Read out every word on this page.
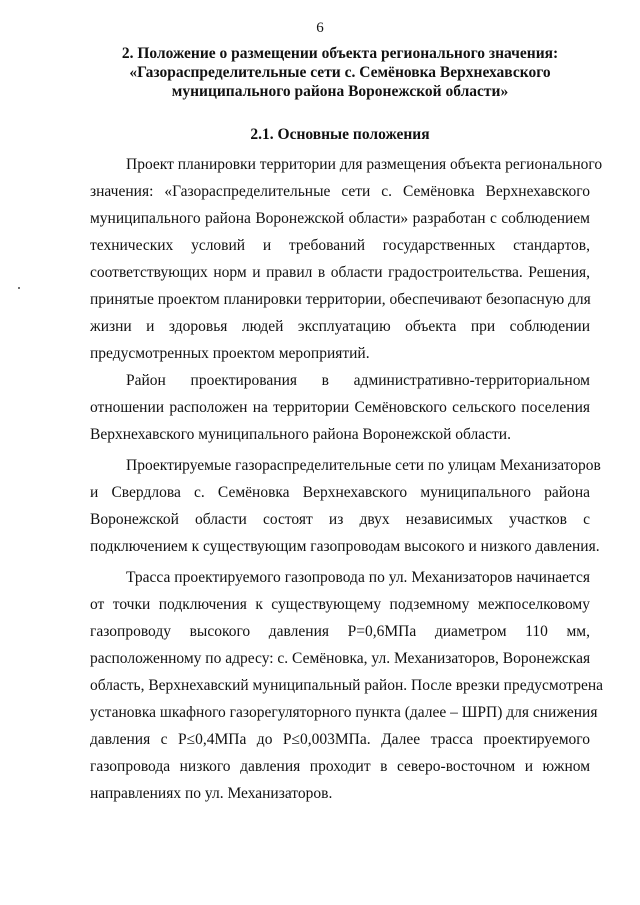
6
2. Положение о размещении объекта регионального значения:
«Газораспределительные сети с. Семёновка Верхнехавского
муниципального района Воронежской области»
2.1. Основные положения
Проект планировки территории для размещения объекта регионального
значения: «Газораспределительные сети с. Семёновка Верхнехавского
муниципального района Воронежской области» разработан с соблюдением
технических условий и требований государственных стандартов,
соответствующих норм и правил в области градостроительства. Решения,
принятые проектом планировки территории, обеспечивают безопасную для
жизни и здоровья людей эксплуатацию объекта при соблюдении
предусмотренных проектом мероприятий.
Район проектирования в административно-территориальном
отношении расположен на территории Семёновского сельского поселения
Верхнехавского муниципального района Воронежской области.
Проектируемые газораспределительные сети по улицам Механизаторов
и Свердлова с. Семёновка Верхнехавского муниципального района
Воронежской области состоят из двух независимых участков с
подключением к существующим газопроводам высокого и низкого давления.
Трасса проектируемого газопровода по ул. Механизаторов начинается
от точки подключения к существующему подземному межпоселковому
газопроводу высокого давления Р=0,6МПа диаметром 110 мм,
расположенному по адресу: с. Семёновка, ул. Механизаторов, Воронежская
область, Верхнехавский муниципальный район. После врезки предусмотрена
установка шкафного газорегуляторного пункта (далее – ШРП) для снижения
давления с Р≤0,4МПа до Р≤0,003МПа. Далее трасса проектируемого
газопровода низкого давления проходит в северо-восточном и южном
направлениях по ул. Механизаторов.
